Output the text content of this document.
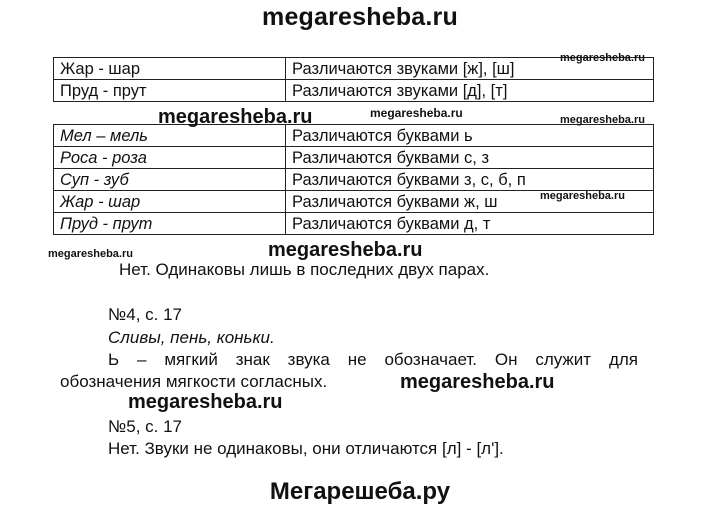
megaresheba.ru
Жар - шар	Различаются звуками [ж], [ш]
Пруд - прут	Различаются звуками [д], [т]
Мел – мель	Различаются буквами ь
Роса - роза	Различаются буквами с, з
Суп - зуб	Различаются буквами з, с, б, п
Жар - шар	Различаются буквами ж, ш
Пруд - прут	Различаются буквами д, т
megaresheba.ru
megaresheba.ru	megaresheba.ru	megaresheba.ru
megaresheba.ru
megaresheba.ru	megaresheba.ru
megaresheba.ru
megaresheba.ru
Нет. Одинаковы лишь в последних двух парах.
№4, с. 17
Сливы, пень, коньки.
Ь – мягкий знак звука не обозначает. Он служит для
обозначения мягкости согласных.
№5, с. 17
Нет. Звуки не одинаковы, они отличаются [л] - [л'].
Мегарешеба.ру
